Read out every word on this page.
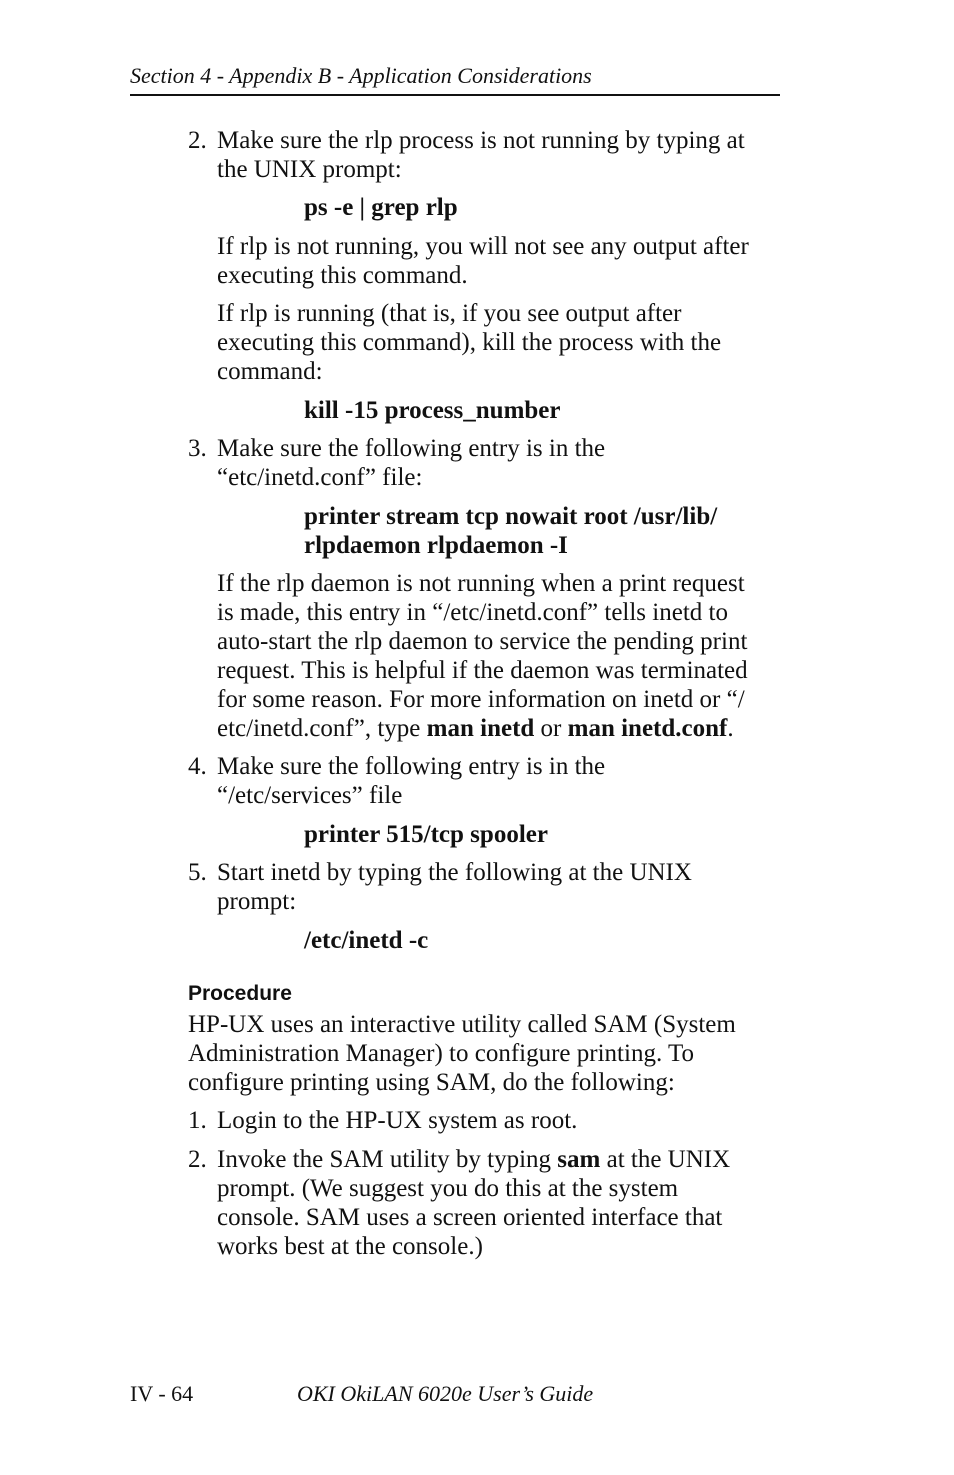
Section 4 - Appendix B - Application Considerations
2. Make sure the rlp process is not running by typing at
the UNIX prompt:
ps -e | grep rlp
If rlp is not running, you will not see any output after
executing this command.
If rlp is running (that is, if you see output after
executing this command), kill the process with the
command:
kill -15 process_number
3. Make sure the following entry is in the
“etc/inetd.conf” file:
printer stream tcp nowait root /usr/lib/
rlpdaemon rlpdaemon -I
If the rlp daemon is not running when a print request
is made, this entry in “/etc/inetd.conf” tells inetd to
auto-start the rlp daemon to service the pending print
request. This is helpful if the daemon was terminated
for some reason. For more information on inetd or “/
etc/inetd.conf”, type man inetd or man inetd.conf.
4. Make sure the following entry is in the
“/etc/services” file
printer 515/tcp spooler
5. Start inetd by typing the following at the UNIX
prompt:
/etc/inetd -c
Procedure
HP-UX uses an interactive utility called SAM (System
Administration Manager) to configure printing. To
configure printing using SAM, do the following:
1. Login to the HP-UX system as root.
2. Invoke the SAM utility by typing sam at the UNIX
prompt. (We suggest you do this at the system
console. SAM uses a screen oriented interface that
works best at the console.)
IV - 64	OKI OkiLAN 6020e User’s Guide
